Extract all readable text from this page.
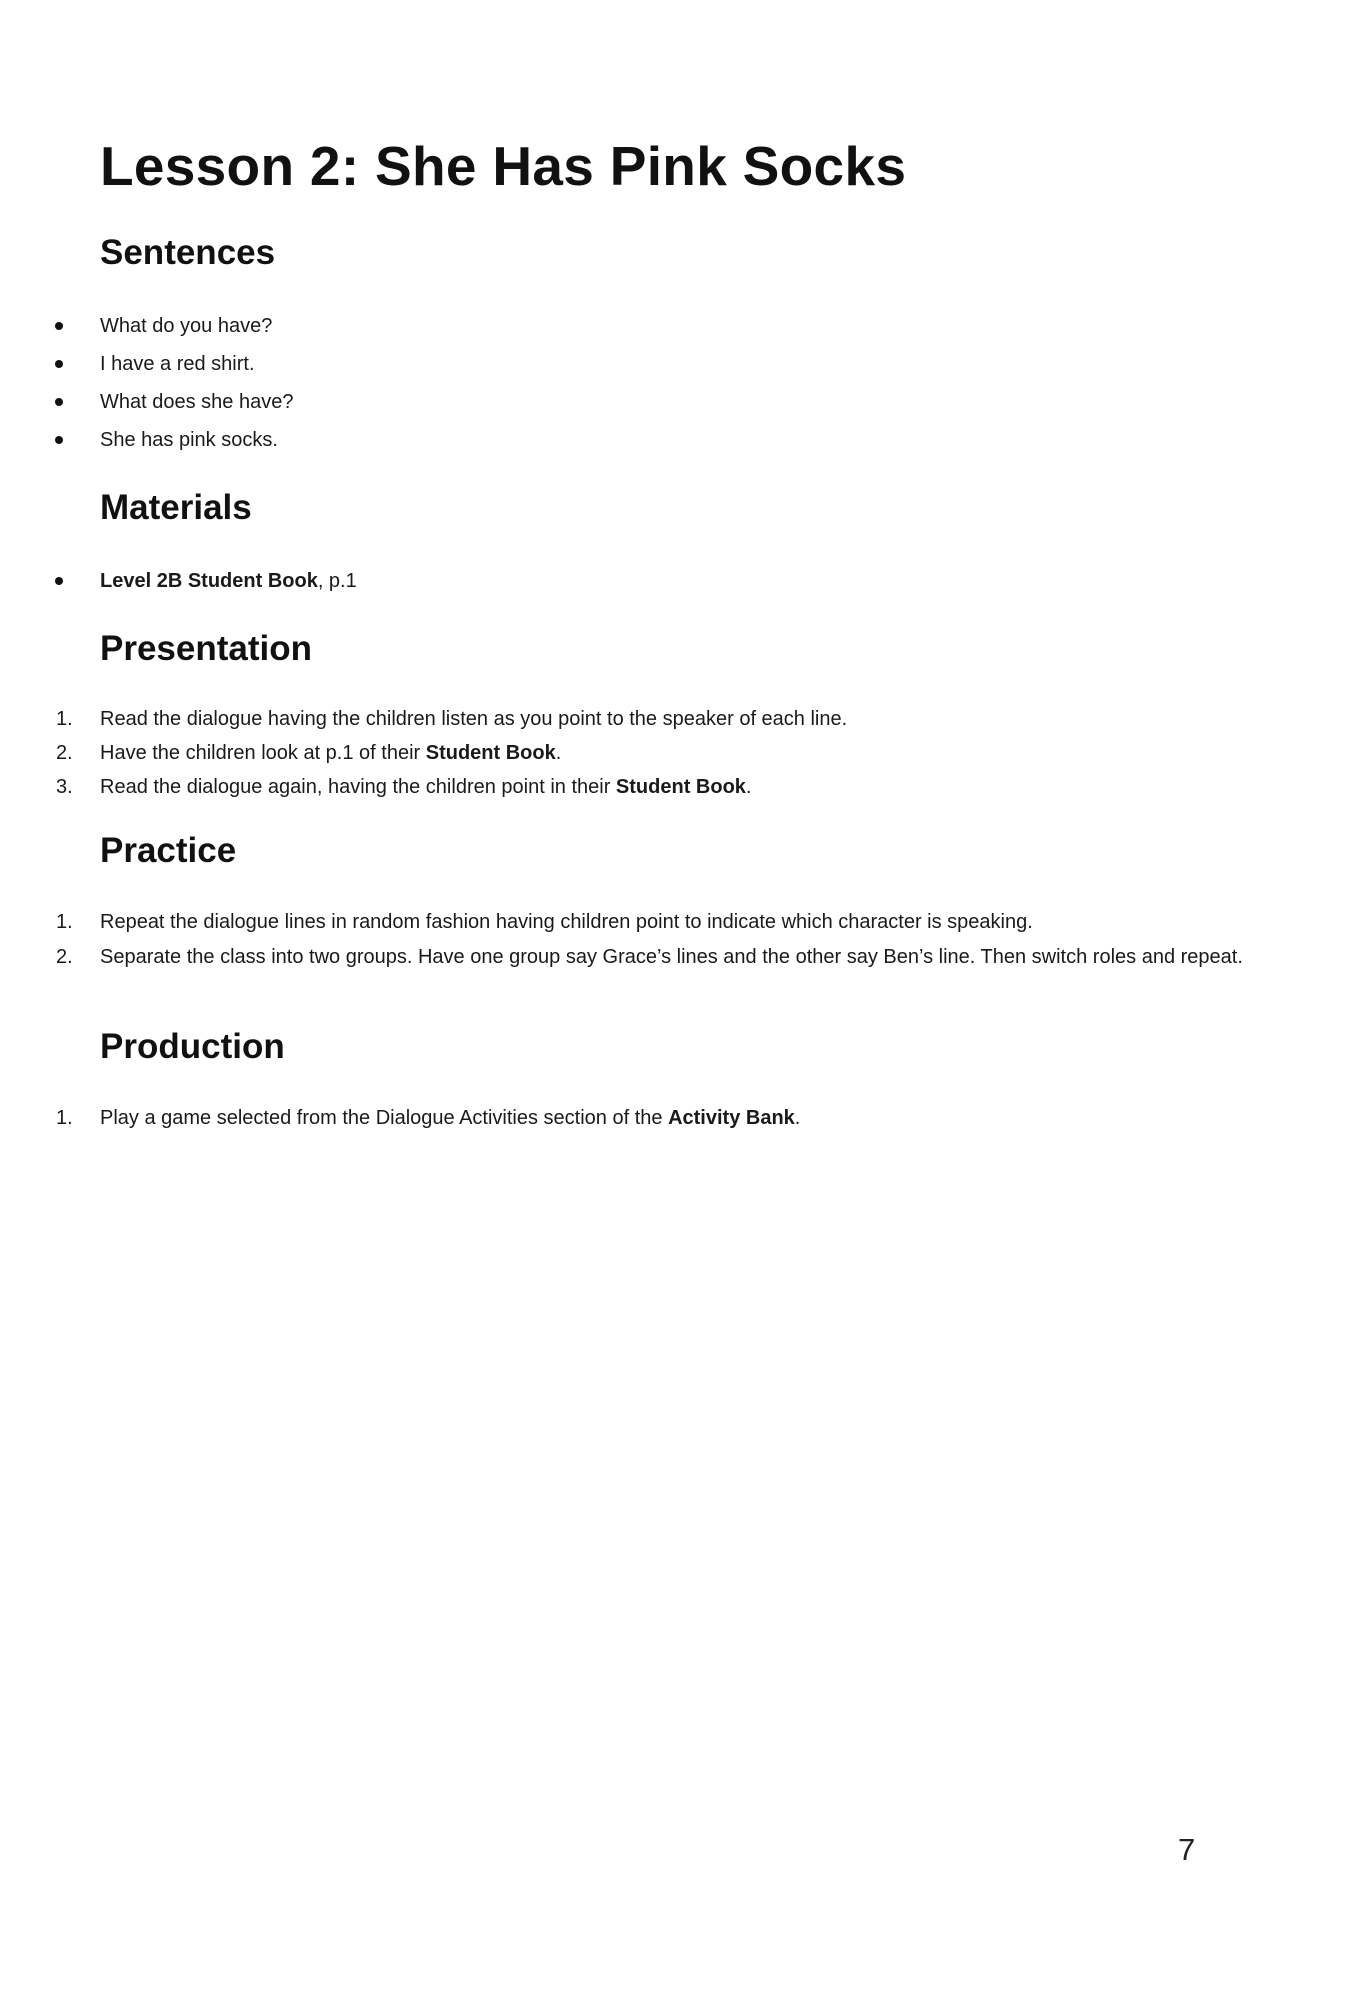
Lesson 2: She Has Pink Socks
Sentences
What do you have?
I have a red shirt.
What does she have?
She has pink socks.
Materials
Level 2B Student Book, p.1
Presentation
1. Read the dialogue having the children listen as you point to the speaker of each line.
2. Have the children look at p.1 of their Student Book.
3. Read the dialogue again, having the children point in their Student Book.
Practice
1. Repeat the dialogue lines in random fashion having children point to indicate which character is speaking.
2. Separate the class into two groups. Have one group say Grace’s lines and the other say Ben’s line. Then switch roles and repeat.
Production
1. Play a game selected from the Dialogue Activities section of the Activity Bank.
7
